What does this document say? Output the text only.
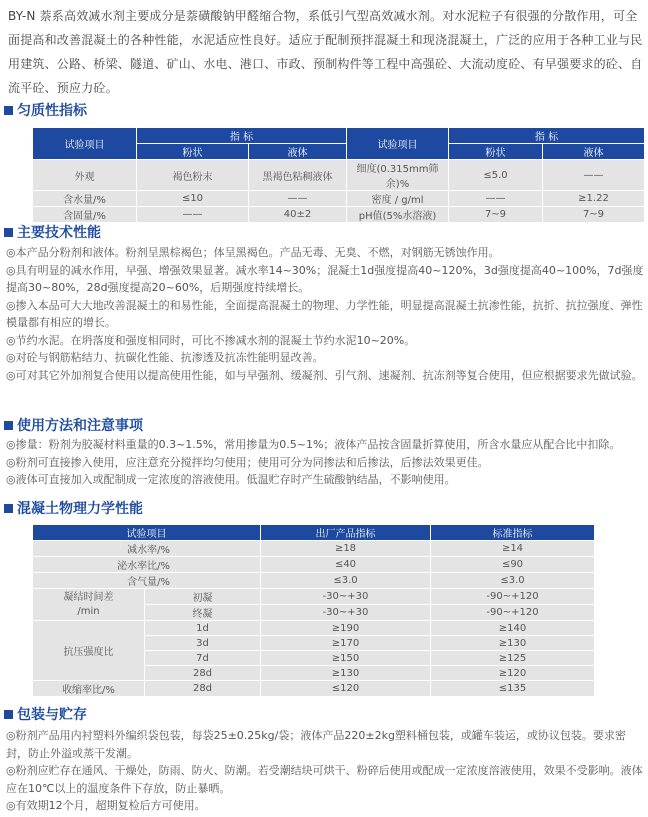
BY-N 萘系高效减水剂主要成分是萘磺酸钠甲醛缩合物，系低引气型高效减水剂。对水泥粒子有很强的分散作用，可全面提高和改善混凝土的各种性能，水泥适应性良好。适应于配制预拌混凝土和现浇混凝土，广泛的应用于各种工业与民用建筑、公路、桥梁、隧道、矿山、水电、港口、市政、预制构件等工程中高强砼、大流动度砼、有早强要求的砼、自流平砼、预应力砼。
匀质性指标
试验项目	指 标		试验项目	指 标	
	粉状	液体		粉状	液体
外观	褐色粉末	黑褐色粘稠液体	细度(0.315mm筛余)%	≤5.0	——
含水量/%	≤10	——	密度 / g/ml	——	≥1.22
含固量/%	——	40±2	pH值(5%水溶液)	7~9	7~9
主要技术性能

◎本产品分粉剂和液体。粉剂呈黑棕褐色；体呈黑褐色。产品无毒、无臭、不燃，对钢筋无锈蚀作用。

◎具有明显的减水作用，早强、增强效果显著。减水率14~30%；混凝土1d强度提高40~120%，3d强度提高40~100%，7d强度提高30~80%，28d强度提高20~60%，后期强度持续增长。

◎掺入本品可大大地改善混凝土的和易性能，全面提高混凝土的物理、力学性能，明显提高混凝土抗渗性能，抗折、抗拉强度、弹性模量都有相应的增长。

◎节约水泥。在坍落度和强度相同时，可比不掺减水剂的混凝土节约水泥10~20%。

◎对砼与钢筋粘结力、抗碳化性能、抗渗透及抗冻性能明显改善。

◎可对其它外加剂复合使用以提高使用性能，如与早强剂、缓凝剂、引气剂、速凝剂、抗冻剂等复合使用，但应根据要求先做试验。

使用方法和注意事项

◎掺量：粉剂为胶凝材料重量的0.3~1.5%，常用掺量为0.5~1%；液体产品按含固量折算使用，所含水量应从配合比中扣除。

◎粉剂可直接掺入使用，应注意充分搅拌均匀使用；使用可分为同掺法和后掺法，后掺法效果更佳。

◎液体可直接加入或配制成一定浓度的溶液使用。低温贮存时产生硫酸钠结晶，不影响使用。

混凝土物理力学性能
试验项目		出厂产品指标	标准指标
减水率/%		≥18	≥14
泌水率比/%		≤40	≤90
含气量/%		≤3.0	≤3.0

凝结时间差
/min	初凝	-30~+30	-90~+120
	终凝	-30~+30	-90~+120
抗压强度比	1d	≥190	≥140
	3d	≥170	≥130
	7d	≥150	≥125
	28d	≥130	≥120
收缩率比/%	28d	≤120	≤135
包装与贮存

◎粉剂产品用内衬塑料外编织袋包装，每袋25±0.25kg/袋；液体产品220±2kg塑料桶包装，或罐车装运，或协议包装。要求密封，防止外溢或蒸干发潮。

◎粉剂应贮存在通风、干燥处，防雨、防火、防潮。若受潮结块可烘干、粉碎后使用或配成一定浓度溶液使用，效果不受影响。液体应在10℃以上的温度条件下存放，防止暴晒。

◎有效期12个月，超期复检后方可使用。
